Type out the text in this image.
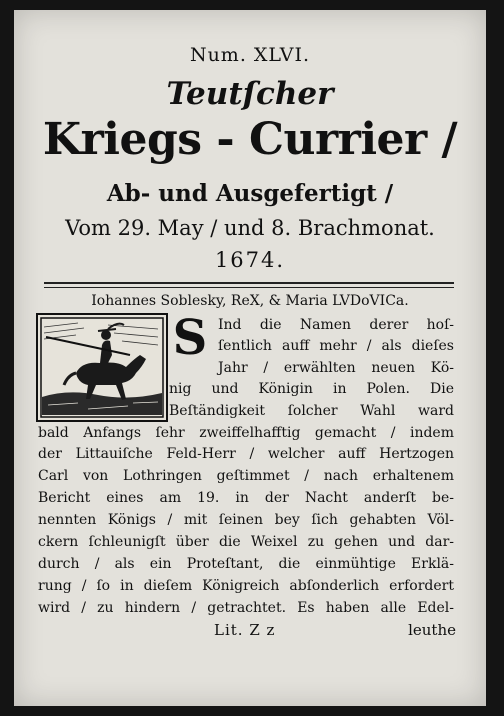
Num. XLVI.
Teutſcher
Kriegs - Currier /
Ab- und Ausgefertigt /
Vom 29. May / und 8. Brachmonat.
1674.
Iohannes Soblesky, ReX, & Maria LVDoVICa.
S Ind die Namen derer hoſ-
ſentlich auff mehr / als dieſes
Jahr / erwählten neuen Kö-
nig und Königin in Polen. Die
Beſtändigkeit ſolcher Wahl ward
bald Anfangs ſehr zweiffelhafftig gemacht / indem
der Littauiſche Feld-Herr / welcher auff Hertzogen
Carl von Lothringen geſtimmet / nach erhaltenem
Bericht eines am 19. in der Nacht anderſt be-
nennten Königs / mit ſeinen bey ſich gehabten Völ-
ckern ſchleunigſt über die Weixel zu gehen und dar-
durch / als ein Proteſtant, die einmühtige Erklä-
rung / ſo in dieſem Königreich abſonderlich erfordert
wird / zu hindern / getrachtet. Es haben alle Edel-
Lit. Z z	leuthe
